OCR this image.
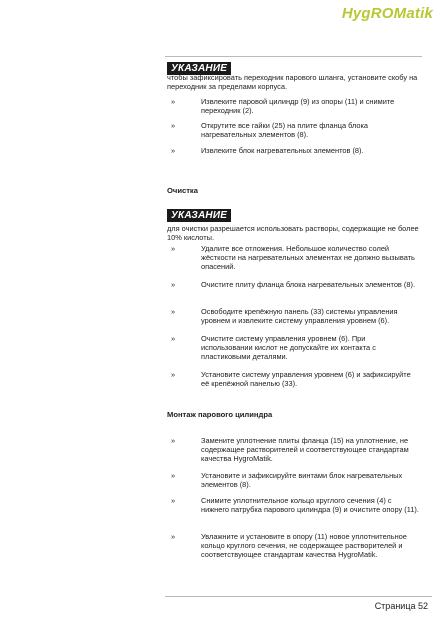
HygROMatik
УКАЗАНИЕ
чтобы зафиксировать переходник парового шланга, установите скобу на переходник за пределами корпуса.
»	Извлеките паровой цилиндр (9) из опоры (11) и снимите переходник (2).
»	Открутите все гайки (25) на плите фланца блока нагревательных элементов (8).
»	Извлеките блок нагревательных элементов (8).
Очистка
УКАЗАНИЕ
для очистки разрешается использовать растворы, содержащие не более 10% кислоты.
»	Удалите все отложения. Небольшое количество солей жёсткости на нагревательных элементах не должно вызывать опасений.
»	Очистите плиту фланца блока нагревательных элементов (8).
»	Освободите крепёжную панель (33) системы управления уровнем и извлеките систему управления уровнем (6).
»	Очистите систему управления уровнем (6). При использовании кислот не допускайте их контакта с пластиковыми деталями.
»	Установите систему управления уровнем (6) и зафиксируйте её крепёжной панелью (33).
Монтаж парового цилиндра
»	Замените уплотнение плиты фланца (15) на уплотнение, не содержащее растворителей и соответствующее стандартам качества HygroMatik.
»	Установите и зафиксируйте винтами блок нагревательных элементов (8).
»	Снимите уплотнительное кольцо круглого сечения (4) с нижнего патрубка парового цилиндра (9) и очистите опору (11).
»	Увлажните и установите в опору (11) новое уплотнительное кольцо круглого сечения, не содержащее растворителей и соответствующее стандартам качества HygroMatik.
Страница 52
